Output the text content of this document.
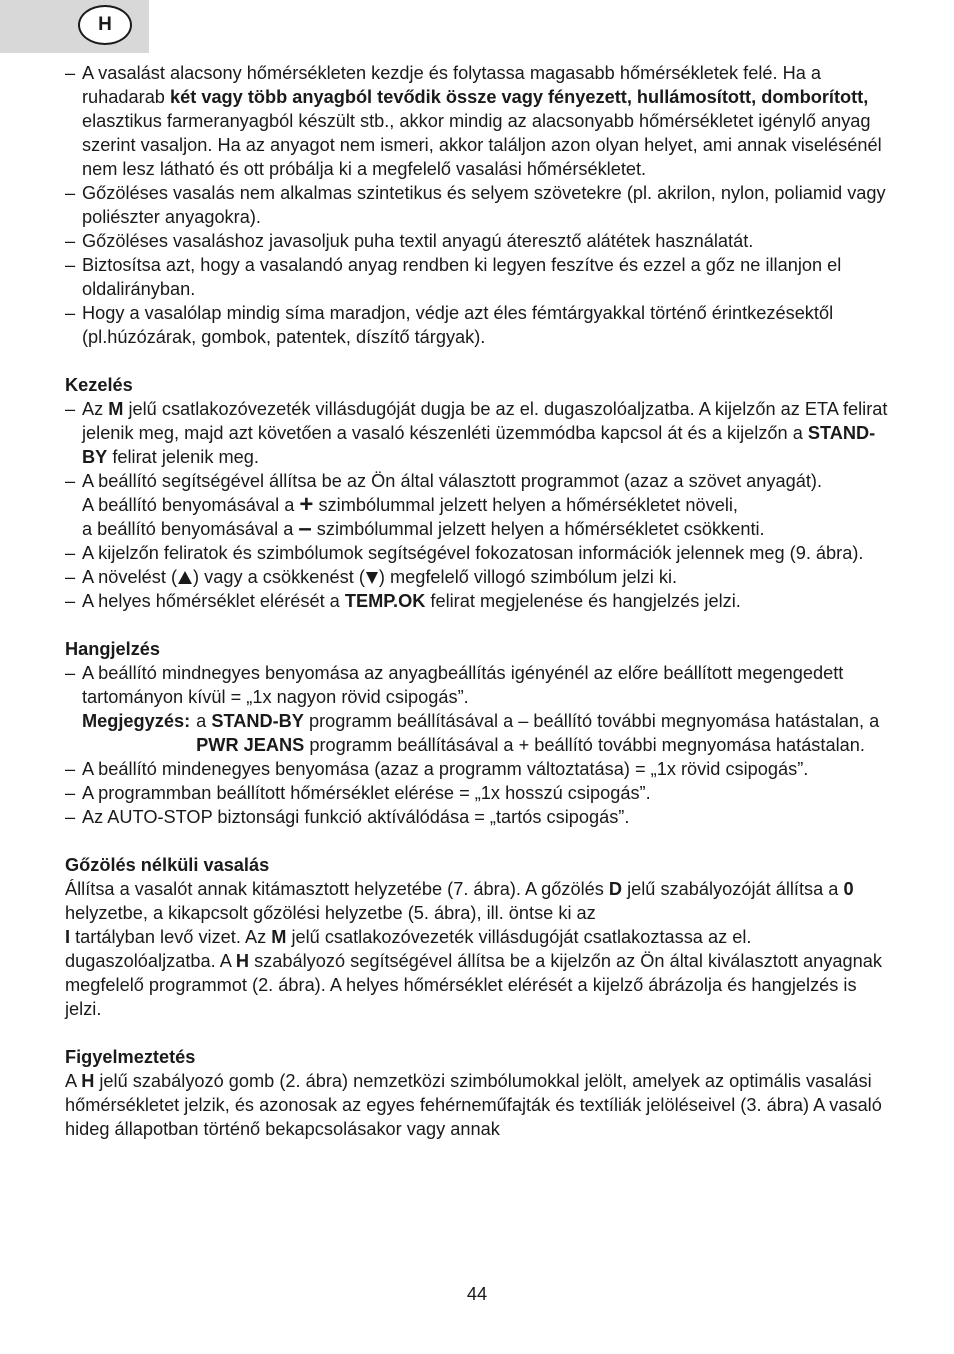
H
– A vasalást alacsony hőmérsékleten kezdje és folytassa magasabb hőmérsékletek felé. Ha a ruhadarab két vagy több anyagból tevődik össze vagy fényezett, hullámosított, domborított, elasztikus farmeranyagból készült stb., akkor mindig az alacsonyabb hőmérsékletet igénylő anyag szerint vasaljon. Ha az anyagot nem ismeri, akkor találjon azon olyan helyet, ami annak viselésénél nem lesz látható és ott próbálja ki a megfelelő vasalási hőmérsékletet.
– Gőzöléses vasalás nem alkalmas szintetikus és selyem szövetekre (pl. akrilon, nylon, poliamid vagy poliészter anyagokra).
– Gőzöléses vasaláshoz javasoljuk puha textil anyagú áteresztő alátétek használatát.
– Biztosítsa azt, hogy a vasalandó anyag rendben ki legyen feszítve és ezzel a gőz ne illanjon el oldalirányban.
– Hogy a vasalólap mindig síma maradjon, védje azt éles fémtárgyakkal történő érintkezésektől (pl.húzózárak, gombok, patentek, díszítő tárgyak).
Kezelés
– Az M jelű csatlakozóvezeték villásdugóját dugja be az el. dugaszolóaljzatba. A kijelzőn az ETA felirat jelenik meg, majd azt követően a vasaló készenléti üzemmódba kapcsol át és a kijelzőn a STAND-BY felirat jelenik meg.
– A beállító segítségével állítsa be az Ön által választott programmot (azaz a szövet anyagát).
A beállító benyomásával a + szimbólummal jelzett helyen a hőmérsékletet növeli,
a beállító benyomásával a – szimbólummal jelzett helyen a hőmérsékletet csökkenti.
– A kijelzőn feliratok és szimbólumok segítségével fokozatosan információk jelennek meg (9. ábra).
– A növelést ( ) vagy a csökkenést ( ) megfelelő villogó szimbólum jelzi ki.
– A helyes hőmérséklet elérését a TEMP.OK felirat megjelenése és hangjelzés jelzi.
Hangjelzés
– A beállító mindnegyes benyomása az anyagbeállítás igényénél az előre beállított megengedett tartományon kívül = „1x nagyon rövid csipogás”.
Megjegyzés: a STAND-BY programm beállításával a – beállító további megnyomása hatástalan, a PWR JEANS programm beállításával a + beállító további megnyomása hatástalan.
– A beállító mindenegyes benyomása (azaz a programm változtatása) = „1x rövid csipogás”.
– A programmban beállított hőmérséklet elérése = „1x hosszú csipogás”.
– Az AUTO-STOP biztonsági funkció aktíválódása = „tartós csipogás”.
Gőzölés nélküli vasalás

Állítsa a vasalót annak kitámasztott helyzetébe (7. ábra). A gőzölés D jelű szabályozóját állítsa a 0 helyzetbe, a kikapcsolt gőzölési helyzetbe (5. ábra), ill. öntse ki az
I tartályban levő vizet. Az M jelű csatlakozóvezeték villásdugóját csatlakoztassa az el. dugaszolóaljzatba. A H szabályozó segítségével állítsa be a kijelzőn az Ön által kiválasztott anyagnak megfelelő programmot (2. ábra). A helyes hőmérséklet elérését a kijelző ábrázolja és hangjelzés is jelzi.

Figyelmeztetés

A H jelű szabályozó gomb (2. ábra) nemzetközi szimbólumokkal jelölt, amelyek az optimális vasalási hőmérsékletet jelzik, és azonosak az egyes fehérneműfajták és textíliák jelöléseivel (3. ábra) A vasaló hideg állapotban történő bekapcsolásakor vagy annak

44
